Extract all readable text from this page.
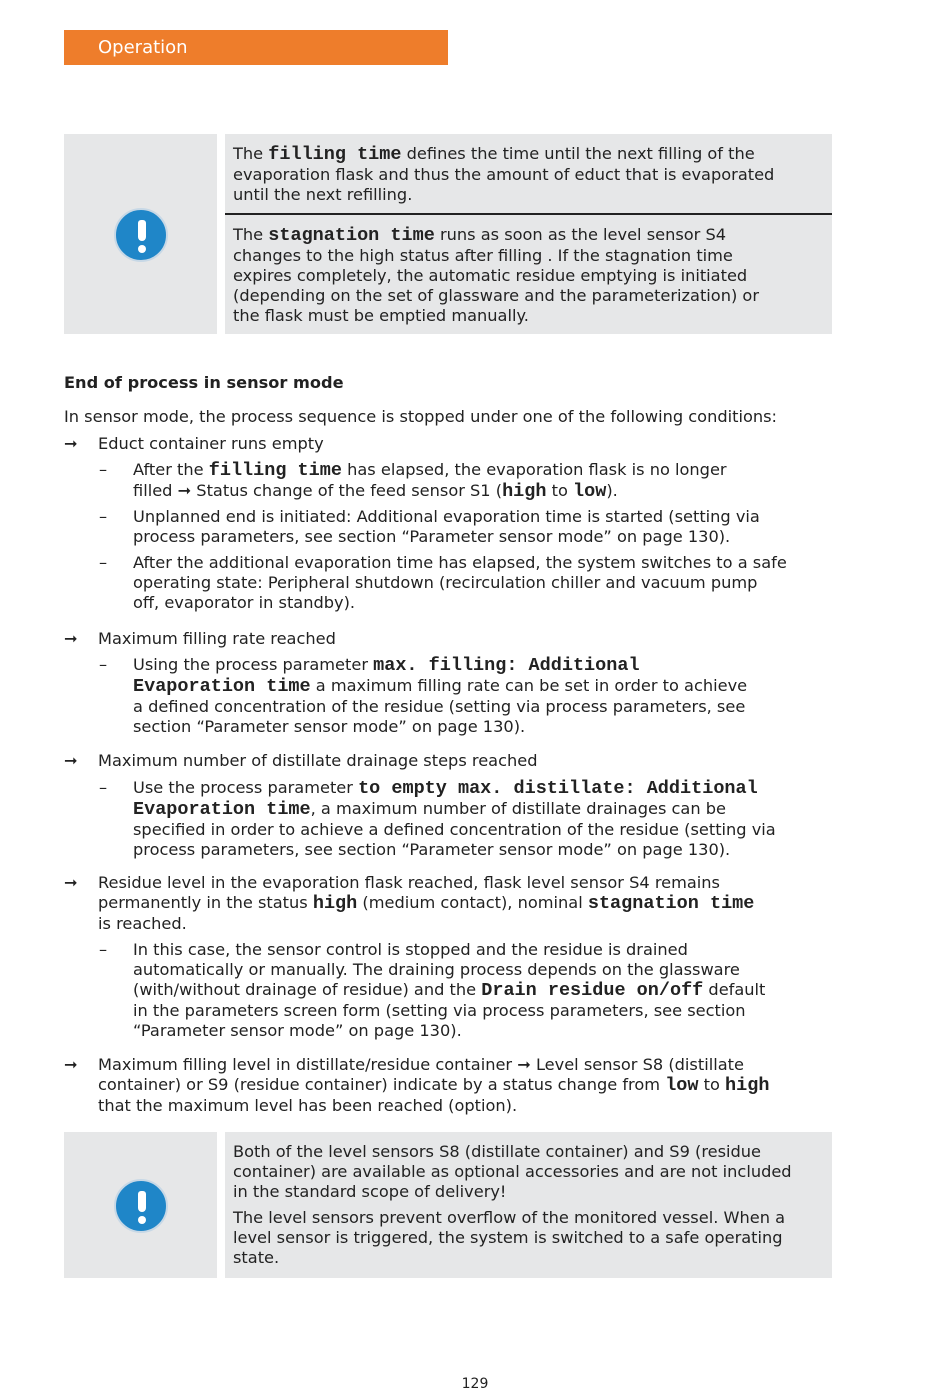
Operation
The filling time defines the time until the next filling of the
evaporation flask and thus the amount of educt that is evaporated
until the next refilling.
The stagnation time runs as soon as the level sensor S4
changes to the high status after filling . If the stagnation time
expires completely, the automatic residue emptying is initiated
(depending on the set of glassware and the parameterization) or
the flask must be emptied manually.
End of process in sensor mode
In sensor mode, the process sequence is stopped under one of the following conditions:
➞ Educt container runs empty
– After the filling time has elapsed, the evaporation flask is no longer
filled ➞ Status change of the feed sensor S1 (high to low).
– Unplanned end is initiated: Additional evaporation time is started (setting via
process parameters, see section “Parameter sensor mode” on page 130).
– After the additional evaporation time has elapsed, the system switches to a safe
operating state: Peripheral shutdown (recirculation chiller and vacuum pump
off, evaporator in standby).
➞ Maximum filling rate reached
– Using the process parameter max. filling: Additional
Evaporation time a maximum filling rate can be set in order to achieve
a defined concentration of the residue (setting via process parameters, see
section “Parameter sensor mode” on page 130).
➞ Maximum number of distillate drainage steps reached
– Use the process parameter to empty max. distillate: Additional
Evaporation time, a maximum number of distillate drainages can be
specified in order to achieve a defined concentration of the residue (setting via
process parameters, see section “Parameter sensor mode” on page 130).
➞ Residue level in the evaporation flask reached, flask level sensor S4 remains
permanently in the status high (medium contact), nominal stagnation time
is reached.
– In this case, the sensor control is stopped and the residue is drained
automatically or manually. The draining process depends on the glassware
(with/without drainage of residue) and the Drain residue on/off default
in the parameters screen form (setting via process parameters, see section
“Parameter sensor mode” on page 130).
➞ Maximum filling level in distillate/residue container ➞ Level sensor S8 (distillate
container) or S9 (residue container) indicate by a status change from low to high
that the maximum level has been reached (option).
Both of the level sensors S8 (distillate container) and S9 (residue
container) are available as optional accessories and are not included
in the standard scope of delivery!
The level sensors prevent overflow of the monitored vessel. When a
level sensor is triggered, the system is switched to a safe operating
state.
129
